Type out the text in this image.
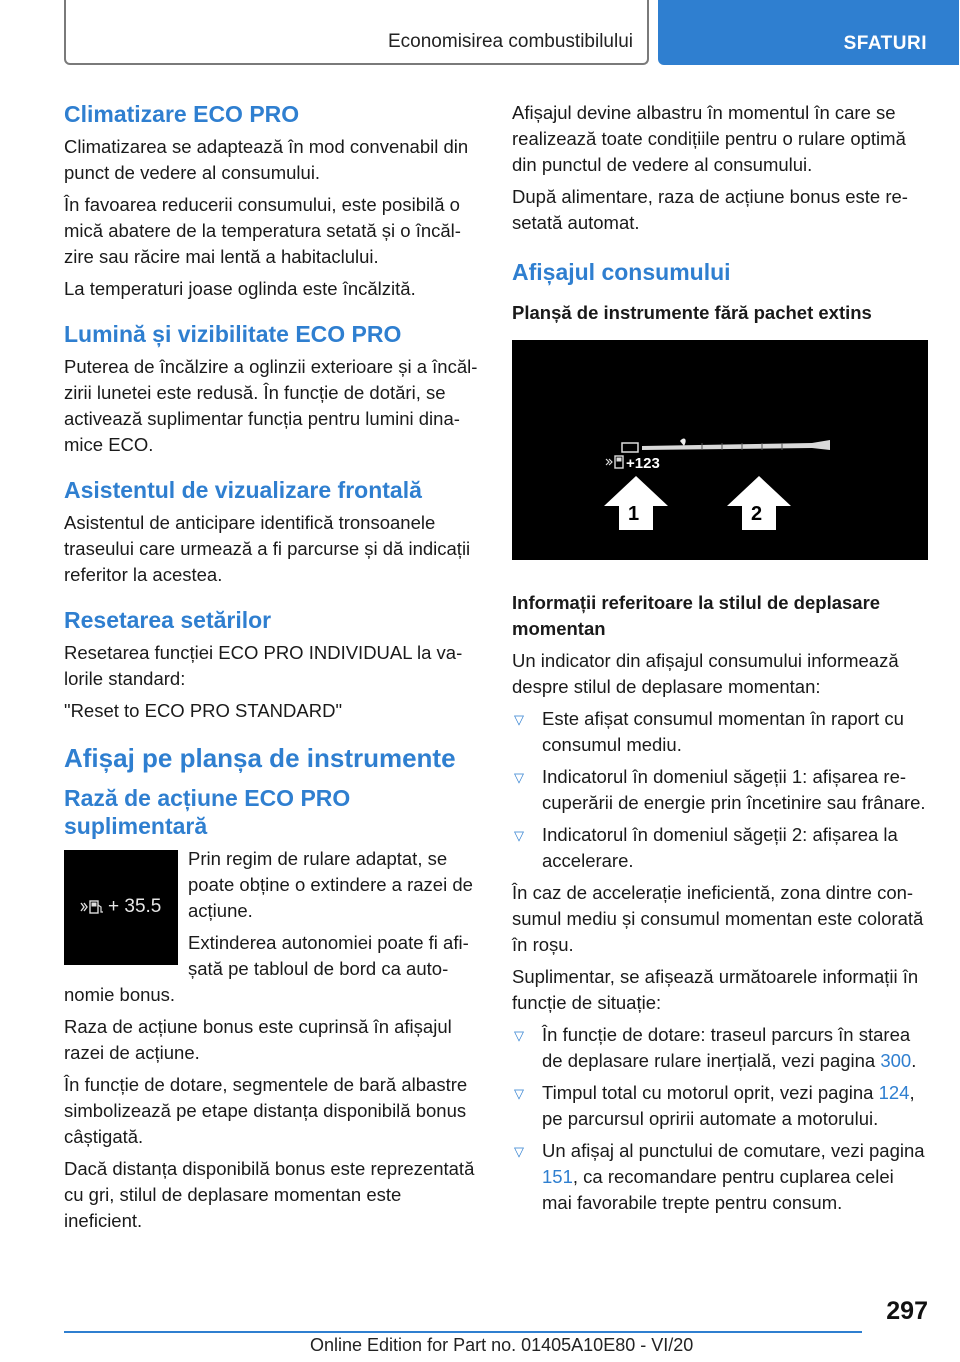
Economisirea combustibilului	SFATURI
Climatizare ECO PRO
Climatizarea se adaptează în mod convenabil din punct de vedere al consumului.
În favoarea reducerii consumului, este posibilă o mică abatere de la temperatura setată și o încălzire sau răcire mai lentă a habitaclului.
La temperaturi joase oglinda este încălzită.
Lumină și vizibilitate ECO PRO
Puterea de încălzire a oglinzii exterioare și a încălzirii lunetei este redusă. În funcție de dotări, se activează suplimentar funcția pentru lumini dinamice ECO.
Asistentul de vizualizare frontală
Asistentul de anticipare identifică tronsoanele traseului care urmează a fi parcurse și dă indicații referitor la acestea.
Resetarea setărilor
Resetarea funcției ECO PRO INDIVIDUAL la valorile standard:
"Reset to ECO PRO STANDARD"
Afișaj pe planșa de instrumente
Rază de acțiune ECO PRO suplimentară
+ 35.5
Prin regim de rulare adaptat, se poate obține o extindere a razei de acțiune.
Extinderea autonomiei poate fi afișată pe tabloul de bord ca autonomie bonus.
Raza de acțiune bonus este cuprinsă în afișajul razei de acțiune.
În funcție de dotare, segmentele de bară albastre simbolizează pe etape distanța disponibilă bonus câștigată.
Dacă distanța disponibilă bonus este reprezentată cu gri, stilul de deplasare momentan este ineficient.
Afișajul devine albastru în momentul în care se realizează toate condițiile pentru o rulare optimă din punctul de vedere al consumului.
După alimentare, raza de acțiune bonus este resetată automat.
Afișajul consumului
Planșă de instrumente fără pachet extins
+123
1	2
Informații referitoare la stilul de deplasare momentan
Un indicator din afișajul consumului informează despre stilul de deplasare momentan:
▽ Este afișat consumul momentan în raport cu consumul mediu.
▽ Indicatorul în domeniul săgeții 1: afișarea recuperării de energie prin încetinire sau frânare.
▽ Indicatorul în domeniul săgeții 2: afișarea la accelerare.
În caz de accelerație ineficientă, zona dintre consumul mediu și consumul momentan este colorată în roșu.
Suplimentar, se afișează următoarele informații în funcție de situație:
▽ În funcție de dotare: traseul parcurs în starea de deplasare rulare inerțială, vezi pagina 300.
▽ Timpul total cu motorul oprit, vezi pagina 124, pe parcursul opririi automate a motorului.
▽ Un afișaj al punctului de comutare, vezi pagina 151, ca recomandare pentru cuplarea celei mai favorabile trepte pentru consum.
297
Online Edition for Part no. 01405A10E80 - VI/20
